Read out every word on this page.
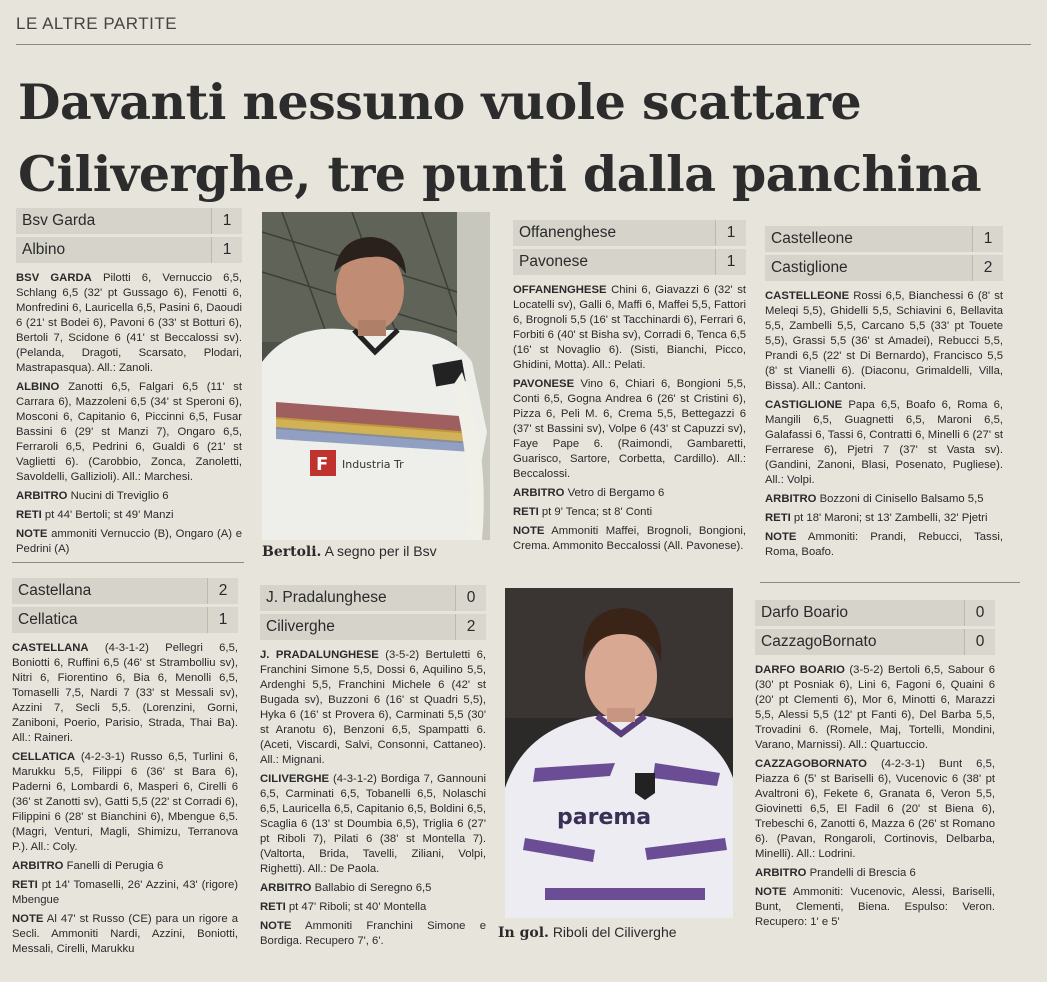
LE ALTRE PARTITE
Davanti nessuno vuole scattare
Ciliverghe, tre punti dalla panchina
Bsv Garda	1
Albino	1

BSV GARDA Pilotti 6, Vernuccio 6,5, Schlang 6,5 (32' pt Gussago 6), Fenotti 6, Monfredini 6, Lauricella 6,5, Pasini 6, Daoudi 6 (21' st Bodei 6), Pavoni 6 (33' st Botturi 6), Bertoli 7, Scidone 6 (41' st Beccalossi sv). (Pelanda, Dragoti, Scarsato, Plodari, Mastrapasqua). All.: Zanoli.

ALBINO Zanotti 6,5, Falgari 6,5 (11' st Carrara 6), Mazzoleni 6,5 (34' st Speroni 6), Mosconi 6, Capitanio 6, Piccinni 6,5, Fusar Bassini 6 (29' st Manzi 7), Ongaro 6,5, Ferraroli 6,5, Pedrini 6, Gualdi 6 (21' st Vaglietti 6). (Carobbio, Zonca, Zanoletti, Savoldelli, Gallizioli). All.: Marchesi.

ARBITRO Nucini di Treviglio 6

RETI pt 44' Bertoli; st 49' Manzi

NOTE ammoniti Vernuccio (B), Ongaro (A) e Pedrini (A)

Offanenghese	1
Pavonese	1

OFFANENGHESE Chini 6, Giavazzi 6 (32' st Locatelli sv), Galli 6, Maffi 6, Maffei 5,5, Fattori 6, Brognoli 5,5 (16' st Tacchinardi 6), Ferrari 6, Forbiti 6 (40' st Bisha sv), Corradi 6, Tenca 6,5 (16' st Novaglio 6). (Sisti, Bianchi, Picco, Ghidini, Motta). All.: Pelati.

PAVONESE Vino 6, Chiari 6, Bongioni 5,5, Conti 6,5, Gogna Andrea 6 (26' st Cristini 6), Pizza 6, Peli M. 6, Crema 5,5, Bettegazzi 6 (37' st Bassini sv), Volpe 6 (43' st Capuzzi sv), Faye Pape 6. (Raimondi, Gambaretti, Guarisco, Sartore, Corbetta, Cardillo). All.: Beccalossi.

ARBITRO Vetro di Bergamo 6

RETI pt 9' Tenca; st 8' Conti

NOTE Ammoniti Maffei, Brognoli, Bongioni, Crema. Ammonito Beccalossi (All. Pavonese).

Castelleone	1
Castiglione	2

CASTELLEONE Rossi 6,5, Bianchessi 6 (8' st Meleqi 5,5), Ghidelli 5,5, Schiavini 6, Bellavita 5,5, Zambelli 5,5, Carcano 5,5 (33' pt Touete 5,5), Grassi 5,5 (36' st Amadei), Rebucci 5,5, Prandi 6,5 (22' st Di Bernardo), Francisco 5,5 (8' st Vianelli 6). (Diaconu, Grimaldelli, Villa, Bissa). All.: Cantoni.

CASTIGLIONE Papa 6,5, Boafo 6, Roma 6, Mangili 6,5, Guagnetti 6,5, Maroni 6,5, Galafassi 6, Tassi 6, Contratti 6, Minelli 6 (27' st Ferrarese 6), Pjetri 7 (37' st Vasta sv). (Gandini, Zanoni, Blasi, Posenato, Pugliese). All.: Volpi.

ARBITRO Bozzoni di Cinisello Balsamo 5,5

RETI pt 18' Maroni; st 13' Zambelli, 32' Pjetri

NOTE Ammoniti: Prandi, Rebucci, Tassi, Roma, Boafo.

Castellana	2
Cellatica	1

CASTELLANA (4-3-1-2) Pellegri 6,5, Boniotti 6, Ruffini 6,5 (46' st Strambolliu sv), Nitri 6, Fiorentino 6, Bia 6, Menolli 6,5, Tomaselli 7,5, Nardi 7 (33' st Messali sv), Azzini 7, Secli 5,5. (Lorenzini, Gorni, Zaniboni, Poerio, Parisio, Strada, Thai Ba). All.: Raineri.

CELLATICA (4-2-3-1) Russo 6,5, Turlini 6, Marukku 5,5, Filippi 6 (36' st Bara 6), Paderni 6, Lombardi 6, Masperi 6, Cirelli 6 (36' st Zanotti sv), Gatti 5,5 (22' st Corradi 6), Filippini 6 (28' st Bianchini 6), Mbengue 6,5. (Magri, Venturi, Magli, Shimizu, Terranova P.). All.: Coly.

ARBITRO Fanelli di Perugia 6

RETI pt 14' Tomaselli, 26' Azzini, 43' (rigore) Mbengue

NOTE Al 47' st Russo (CE) para un rigore a Secli. Ammoniti Nardi, Azzini, Boniotti, Messali, Cirelli, Marukku

J. Pradalunghese	0
Ciliverghe	2

J. PRADALUNGHESE (3-5-2) Bertuletti 6, Franchini Simone 5,5, Dossi 6, Aquilino 5,5, Ardenghi 5,5, Franchini Michele 6 (42' st Bugada sv), Buzzoni 6 (16' st Quadri 5,5), Hyka 6 (16' st Provera 6), Carminati 5,5 (30' st Aranotu 6), Benzoni 6,5, Spampatti 6. (Aceti, Viscardi, Salvi, Consonni, Cattaneo). All.: Mignani.

CILIVERGHE (4-3-1-2) Bordiga 7, Gannouni 6,5, Carminati 6,5, Tobanelli 6,5, Nolaschi 6,5, Lauricella 6,5, Capitanio 6,5, Boldini 6,5, Scaglia 6 (13' st Doumbia 6,5), Triglia 6 (27' pt Riboli 7), Pilati 6 (38' st Montella 7). (Valtorta, Brida, Tavelli, Ziliani, Volpi, Righetti). All.: De Paola.

ARBITRO Ballabio di Seregno 6,5

RETI pt 47' Riboli; st 40' Montella

NOTE Ammoniti Franchini Simone e Bordiga. Recupero 7', 6'.

Darfo Boario	0
CazzagoBornato	0

DARFO BOARIO (3-5-2) Bertoli 6,5, Sabour 6 (30' pt Posniak 6), Lini 6, Fagoni 6, Quaini 6 (20' pt Clementi 6), Mor 6, Minotti 6, Marazzi 5,5, Alessi 5,5 (12' pt Fanti 6), Del Barba 5,5, Trovadini 6. (Romele, Maj, Tortelli, Mondini, Varano, Marnissi). All.: Quartuccio.

CAZZAGOBORNATO (4-2-3-1) Bunt 6,5, Piazza 6 (5' st Bariselli 6), Vucenovic 6 (38' pt Avaltroni 6), Fekete 6, Granata 6, Veron 5,5, Giovinetti 6,5, El Fadil 6 (20' st Biena 6), Trebeschi 6, Zanotti 6, Mazza 6 (26' st Romano 6). (Pavan, Rongaroli, Cortinovis, Delbarba, Minelli). All.: Lodrini.

ARBITRO Prandelli di Brescia 6

NOTE Ammoniti: Vucenovic, Alessi, Bariselli, Bunt, Clementi, Biena. Espulso: Veron. Recupero: 1' e 5'

F Industria Tr
Bertoli. A segno per il Bsv
parema
In gol. Riboli del Ciliverghe
